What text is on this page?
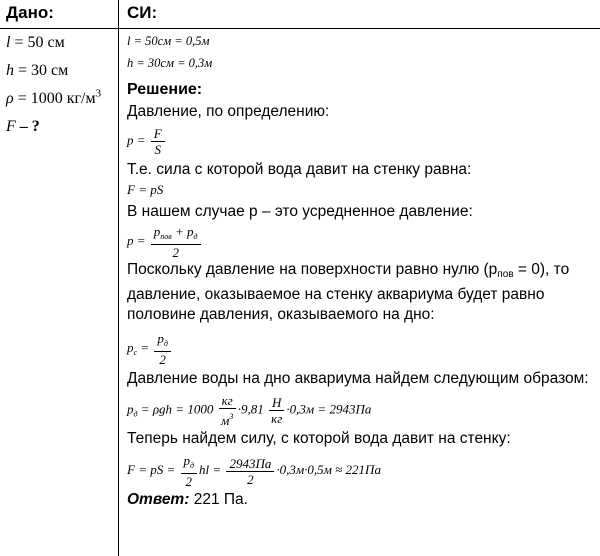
Дано:
l = 50 см
h = 30 см
ρ = 1000 $кг/м^3$
F – ?
СИ:
l = 50см = 0,5м
h = 30см = 0,3м
Решение:
Давление, по определению:
$p = \frac{F}{S}$
Т.е. сила с которой вода давит на стенку равна:
F = pS
В нашем случае p – это усредненное давление:
$p = \frac{p_{пов} + p_д}{2}$
Поскольку давление на поверхности равно нулю $(p_{пов} = 0)$, то
давление, оказываемое на стенку аквариума будет равно
половине давления, оказываемого на дно:
$p_с = \frac{p_д}{2}$
Давление воды на дно аквариума найдем следующим образом:
$p_д = \rho gh = 1000 \frac{кг}{м^3} \cdot 9,81 \frac{Н}{кг} \cdot 0,3м = 2943Па$
Теперь найдем силу, с которой вода давит на стенку:
F = pS = $\frac{p_д}{2}$ hl = $\frac{2943Па}{2} \cdot 0,3м\cdot 0,5м \approx 221Па$
Ответ: 221 Па.
